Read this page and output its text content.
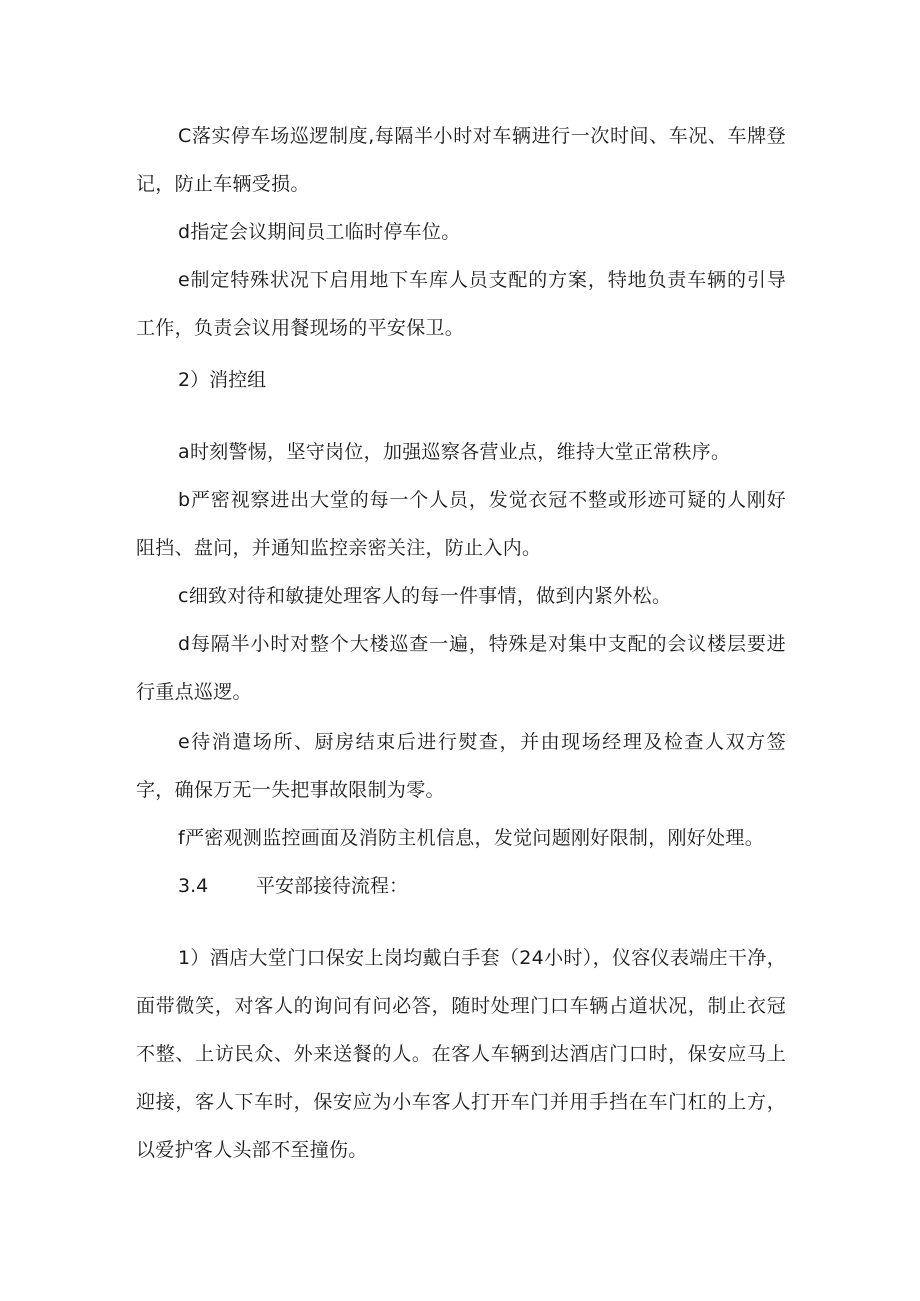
C落实停车场巡逻制度,每隔半小时对车辆进行一次时间、车况、车牌登记，防止车辆受损。

d指定会议期间员工临时停车位。

e制定特殊状况下启用地下车库人员支配的方案，特地负责车辆的引导工作，负责会议用餐现场的平安保卫。

2）消控组

a时刻警惕，坚守岗位，加强巡察各营业点，维持大堂正常秩序。

b严密视察进出大堂的每一个人员，发觉衣冠不整或形迹可疑的人刚好阻挡、盘问，并通知监控亲密关注，防止入内。

c细致对待和敏捷处理客人的每一件事情，做到内紧外松。

d每隔半小时对整个大楼巡查一遍，特殊是对集中支配的会议楼层要进行重点巡逻。

e待消遣场所、厨房结束后进行熨查，并由现场经理及检查人双方签字，确保万无一失把事故限制为零。

f严密观测监控画面及消防主机信息，发觉问题刚好限制，刚好处理。

3.4	平安部接待流程：

1）酒店大堂门口保安上岗均戴白手套（24小时），仪容仪表端庄干净，面带微笑，对客人的询问有问必答，随时处理门口车辆占道状况，制止衣冠不整、上访民众、外来送餐的人。在客人车辆到达酒店门口时，保安应马上迎接，客人下车时，保安应为小车客人打开车门并用手挡在车门杠的上方，以爱护客人头部不至撞伤。
